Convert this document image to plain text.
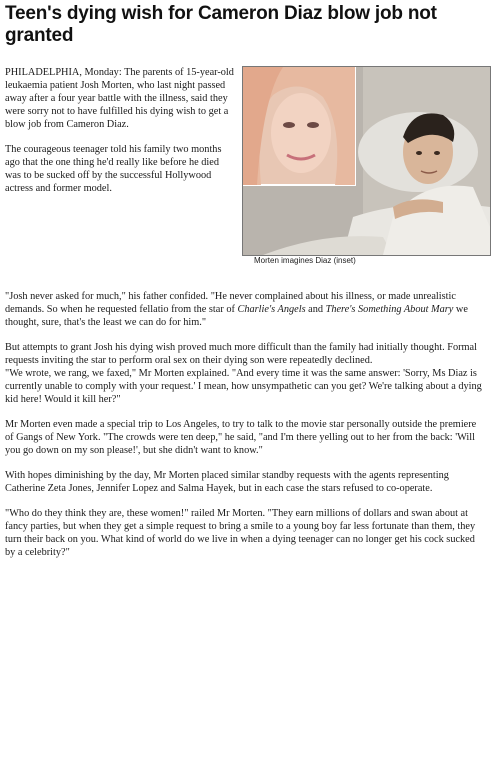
Teen's dying wish for Cameron Diaz blow job not granted

PHILADELPHIA, Monday: The parents of 15-year-old leukaemia patient Josh Morten, who last night passed away after a four year battle with the illness, said they were sorry not to have fulfilled his dying wish to get a blow job from Cameron Diaz.

The courageous teenager told his family two months ago that the one thing he'd really like before he died was to be sucked off by the successful Hollywood actress and former model.

Morten imagines Diaz (inset)

"Josh never asked for much," his father confided. "He never complained about his illness, or made unrealistic demands. So when he requested fellatio from the star of Charlie's Angels and There's Something About Mary we thought, sure, that's the least we can do for him."

But attempts to grant Josh his dying wish proved much more difficult than the family had initially thought. Formal requests inviting the star to perform oral sex on their dying son were repeatedly declined.

"We wrote, we rang, we faxed," Mr Morten explained. "And every time it was the same answer: 'Sorry, Ms Diaz is currently unable to comply with your request.' I mean, how unsympathetic can you get? We're talking about a dying kid here! Would it kill her?"

Mr Morten even made a special trip to Los Angeles, to try to talk to the movie star personally outside the premiere of Gangs of New York. "The crowds were ten deep," he said, "and I'm there yelling out to her from the back: 'Will you go down on my son please!', but she didn't want to know."

With hopes diminishing by the day, Mr Morten placed similar standby requests with the agents representing Catherine Zeta Jones, Jennifer Lopez and Salma Hayek, but in each case the stars refused to co-operate.

"Who do they think they are, these women!" railed Mr Morten. "They earn millions of dollars and swan about at fancy parties, but when they get a simple request to bring a smile to a young boy far less fortunate than them, they turn their back on you. What kind of world do we live in when a dying teenager can no longer get his cock sucked by a celebrity?"
